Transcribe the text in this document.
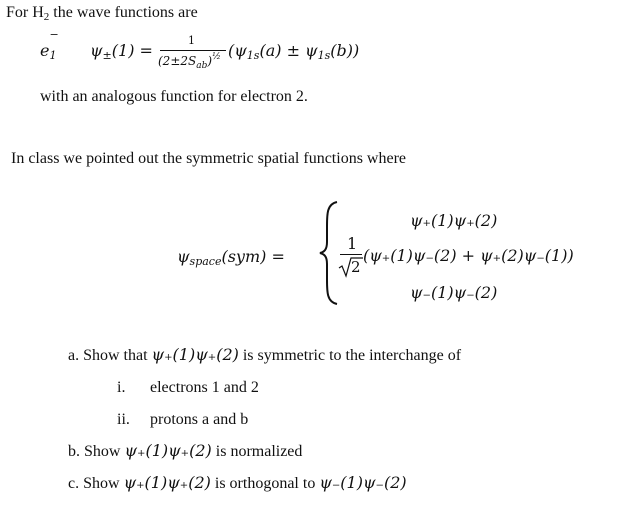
For $H_2$ the wave functions are
e
−
$_1$ $\psi_\pm(1)$ =
1
$(2\pm 2S_{ab})^{\frac{1}{2}}$ $(\psi_{1s}(a) \pm \psi_{1s}(b))$
with an analogous function for electron 2.
In class we pointed out the symmetric spatial functions where
$\psi_{space}(sym)$ =
ψ₊(1)ψ₊(2)
1
2
(ψ₊(1)ψ₋(2) + ψ₊(2)ψ₋(1))
ψ₋(1)ψ₋(2)
a. Show that ψ₊(1)ψ₊(2) is symmetric to the interchange of
i. electrons 1 and 2
ii. protons a and b
b. Show ψ₊(1)ψ₊(2) is normalized
c. Show ψ₊(1)ψ₊(2) is orthogonal to ψ₋(1)ψ₋(2)
